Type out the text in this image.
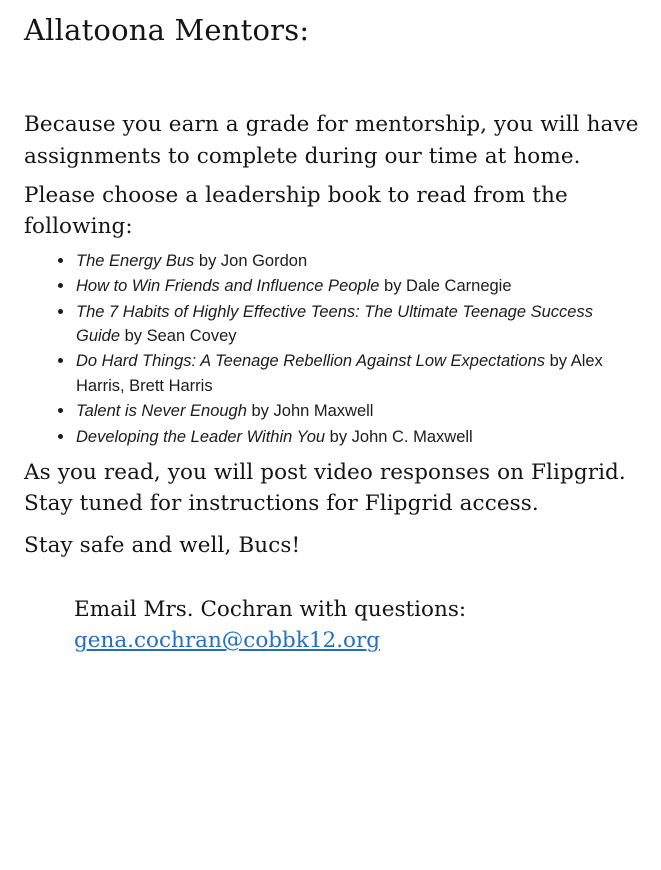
Allatoona Mentors:

Because you earn a grade for mentorship, you will have assignments to complete during our time at home.

Please choose a leadership book to read from the following:

The Energy Bus by Jon Gordon
How to Win Friends and Influence People by Dale Carnegie
The 7 Habits of Highly Effective Teens: The Ultimate Teenage Success Guide by Sean Covey
Do Hard Things: A Teenage Rebellion Against Low Expectations by Alex Harris, Brett Harris
Talent is Never Enough by John Maxwell
Developing the Leader Within You by John C. Maxwell

As you read, you will post video responses on Flipgrid. Stay tuned for instructions for Flipgrid access.

Stay safe and well, Bucs!

Email Mrs. Cochran with questions:

gena.cochran@cobbk12.org
